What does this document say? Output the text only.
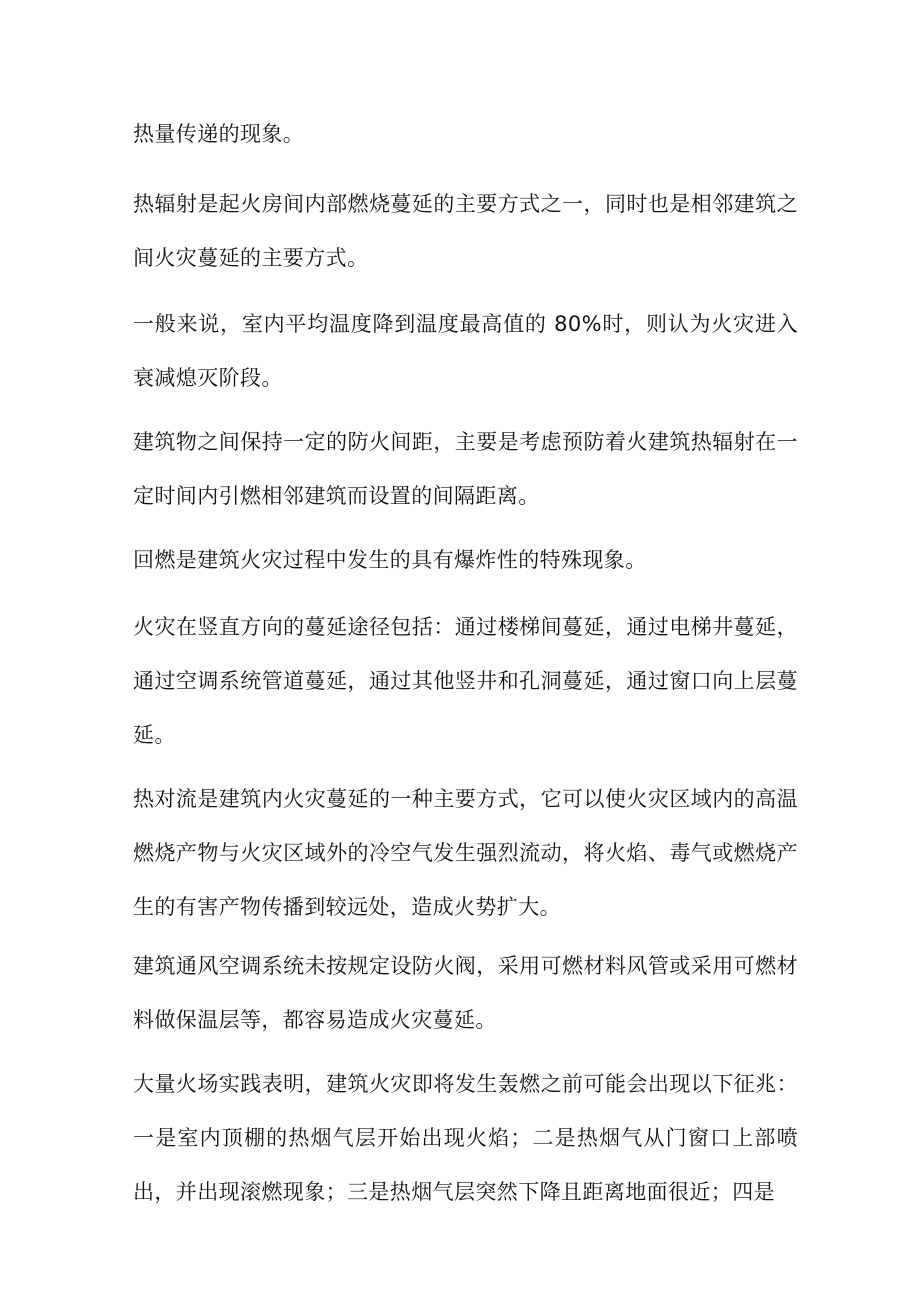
热量传递的现象。

热辐射是起火房间内部燃烧蔓延的主要方式之一，同时也是相邻建筑之间火灾蔓延的主要方式。

一般来说，室内平均温度降到温度最高值的 80%时，则认为火灾进入衰减熄灭阶段。

建筑物之间保持一定的防火间距，主要是考虑预防着火建筑热辐射在一定时间内引燃相邻建筑而设置的间隔距离。

回燃是建筑火灾过程中发生的具有爆炸性的特殊现象。

火灾在竖直方向的蔓延途径包括：通过楼梯间蔓延，通过电梯井蔓延，通过空调系统管道蔓延，通过其他竖井和孔洞蔓延，通过窗口向上层蔓延。

热对流是建筑内火灾蔓延的一种主要方式，它可以使火灾区域内的高温燃烧产物与火灾区域外的冷空气发生强烈流动，将火焰、毒气或燃烧产生的有害产物传播到较远处，造成火势扩大。

建筑通风空调系统未按规定设防火阀，采用可燃材料风管或采用可燃材料做保温层等，都容易造成火灾蔓延。

大量火场实践表明，建筑火灾即将发生轰燃之前可能会出现以下征兆：一是室内顶棚的热烟气层开始出现火焰；二是热烟气从门窗口上部喷出，并出现滚燃现象；三是热烟气层突然下降且距离地面很近；四是
